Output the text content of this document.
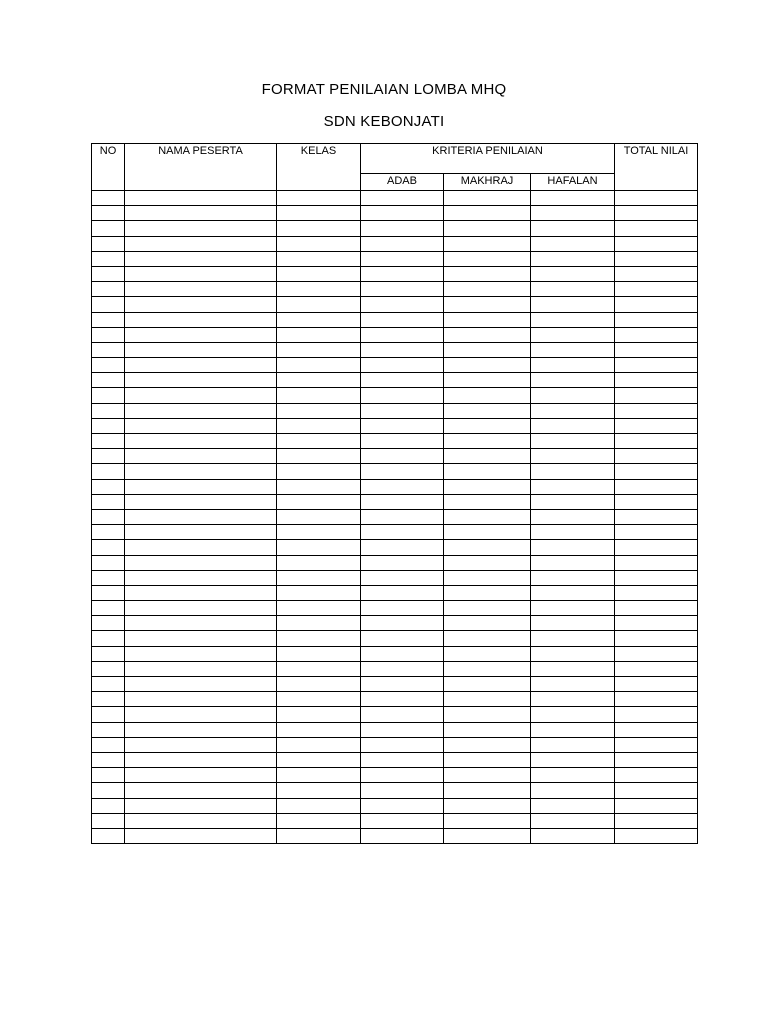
FORMAT PENILAIAN LOMBA MHQ
SDN KEBONJATI
NO	NAMA PESERTA	KELAS	KRITERIA PENILAIAN			TOTAL NILAI
			ADAB	MAKHRAJ	HAFALAN	
